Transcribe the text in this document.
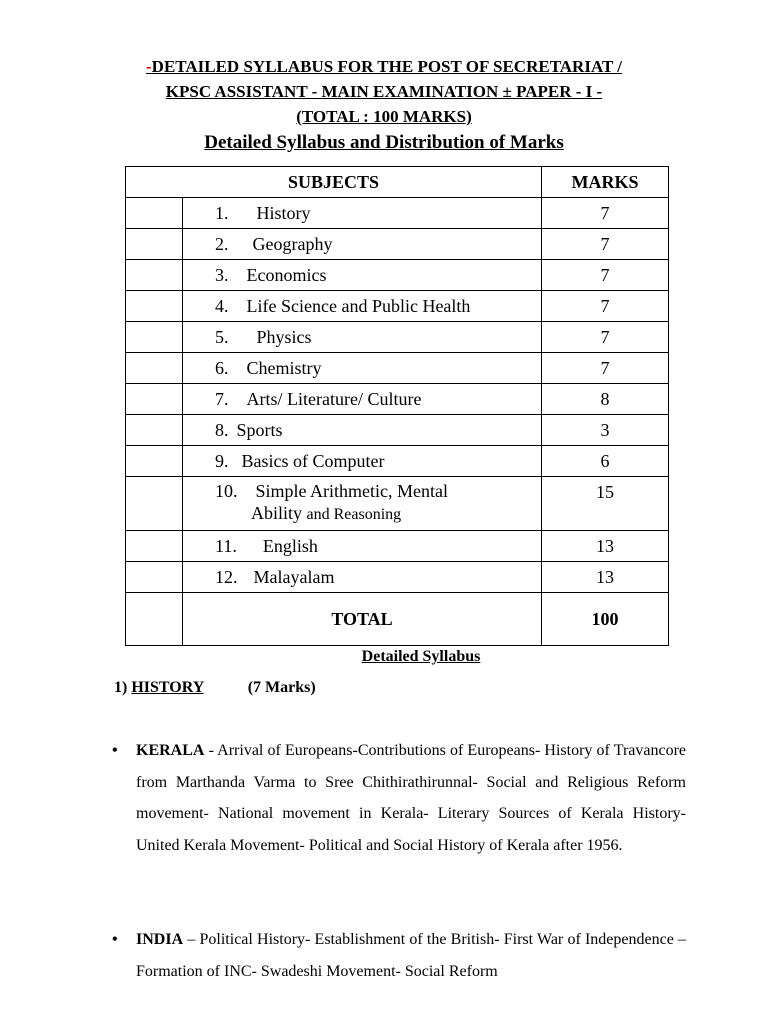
-DETAILED SYLLABUS FOR THE POST OF SECRETARIAT /
KPSC ASSISTANT - MAIN EXAMINATION ± PAPER - I -
(TOTAL : 100 MARKS)
Detailed Syllabus and Distribution of Marks
SUBJECTS		MARKS
	1. History	7
	2. Geography	7
	3. Economics	7
	4. Life Science and Public Health	7
	5. Physics	7
	6. Chemistry	7
	7. Arts/ Literature/ Culture	8
	8. Sports	3
	9. Basics of Computer	6

	10. Simple Arithmetic, Mental
Ability and Reasoning	15
	11. English	13
	12. Malayalam	13
	TOTAL	100
Detailed Syllabus
1) HISTORY	(7 Marks)
• KERALA - Arrival of Europeans-Contributions of Europeans- History of Travancore from Marthanda Varma to Sree Chithirathirunnal- Social and Religious Reform movement- National movement in Kerala- Literary Sources of Kerala History- United Kerala Movement- Political and Social History of Kerala after 1956.
• INDIA – Political History- Establishment of the British- First War of Independence – Formation of INC- Swadeshi Movement- Social Reform
